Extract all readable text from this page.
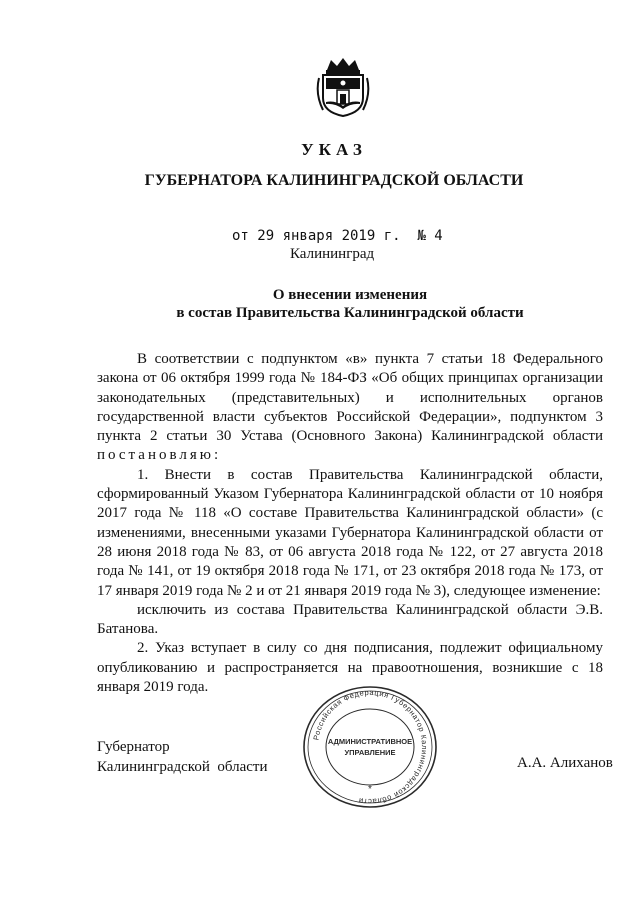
УКАЗ
ГУБЕРНАТОРА КАЛИНИНГРАДСКОЙ ОБЛАСТИ
от 29 января 2019 г.  № 4
Калининград
О внесении изменения
в состав Правительства Калининградской области

В соответствии с подпунктом «в» пункта 7 статьи 18 Федерального закона от 06 октября 1999 года № 184-ФЗ «Об общих принципах организации законодательных (представительных) и исполнительных органов государственной власти субъектов Российской Федерации», подпунктом 3 пункта 2 статьи 30 Устава (Основного Закона) Калининградской области постановляю:

1. Внести в состав Правительства Калининградской области, сформированный Указом Губернатора Калининградской области от 10 ноября 2017 года № 118 «О составе Правительства Калининградской области» (с изменениями, внесенными указами Губернатора Калининградской области от 28 июня 2018 года № 83, от 06 августа 2018 года № 122, от 27 августа 2018 года № 141, от 19 октября 2018 года № 171, от 23 октября 2018 года № 173, от 17 января 2019 года № 2 и от 21 января 2019 года № 3), следующее изменение:

исключить из состава Правительства Калининградской области Э.В. Батанова.

2. Указ вступает в силу со дня подписания, подлежит официальному опубликованию и распространяется на правоотношения, возникшие с 18 января 2019 года.

Губернатор
Калининградской  области	А.А. Алиханов
Российская Федерация Губернатор Калининградской области
АДМИНИСТРАТИВНОЕ
УПРАВЛЕНИЕ
*
